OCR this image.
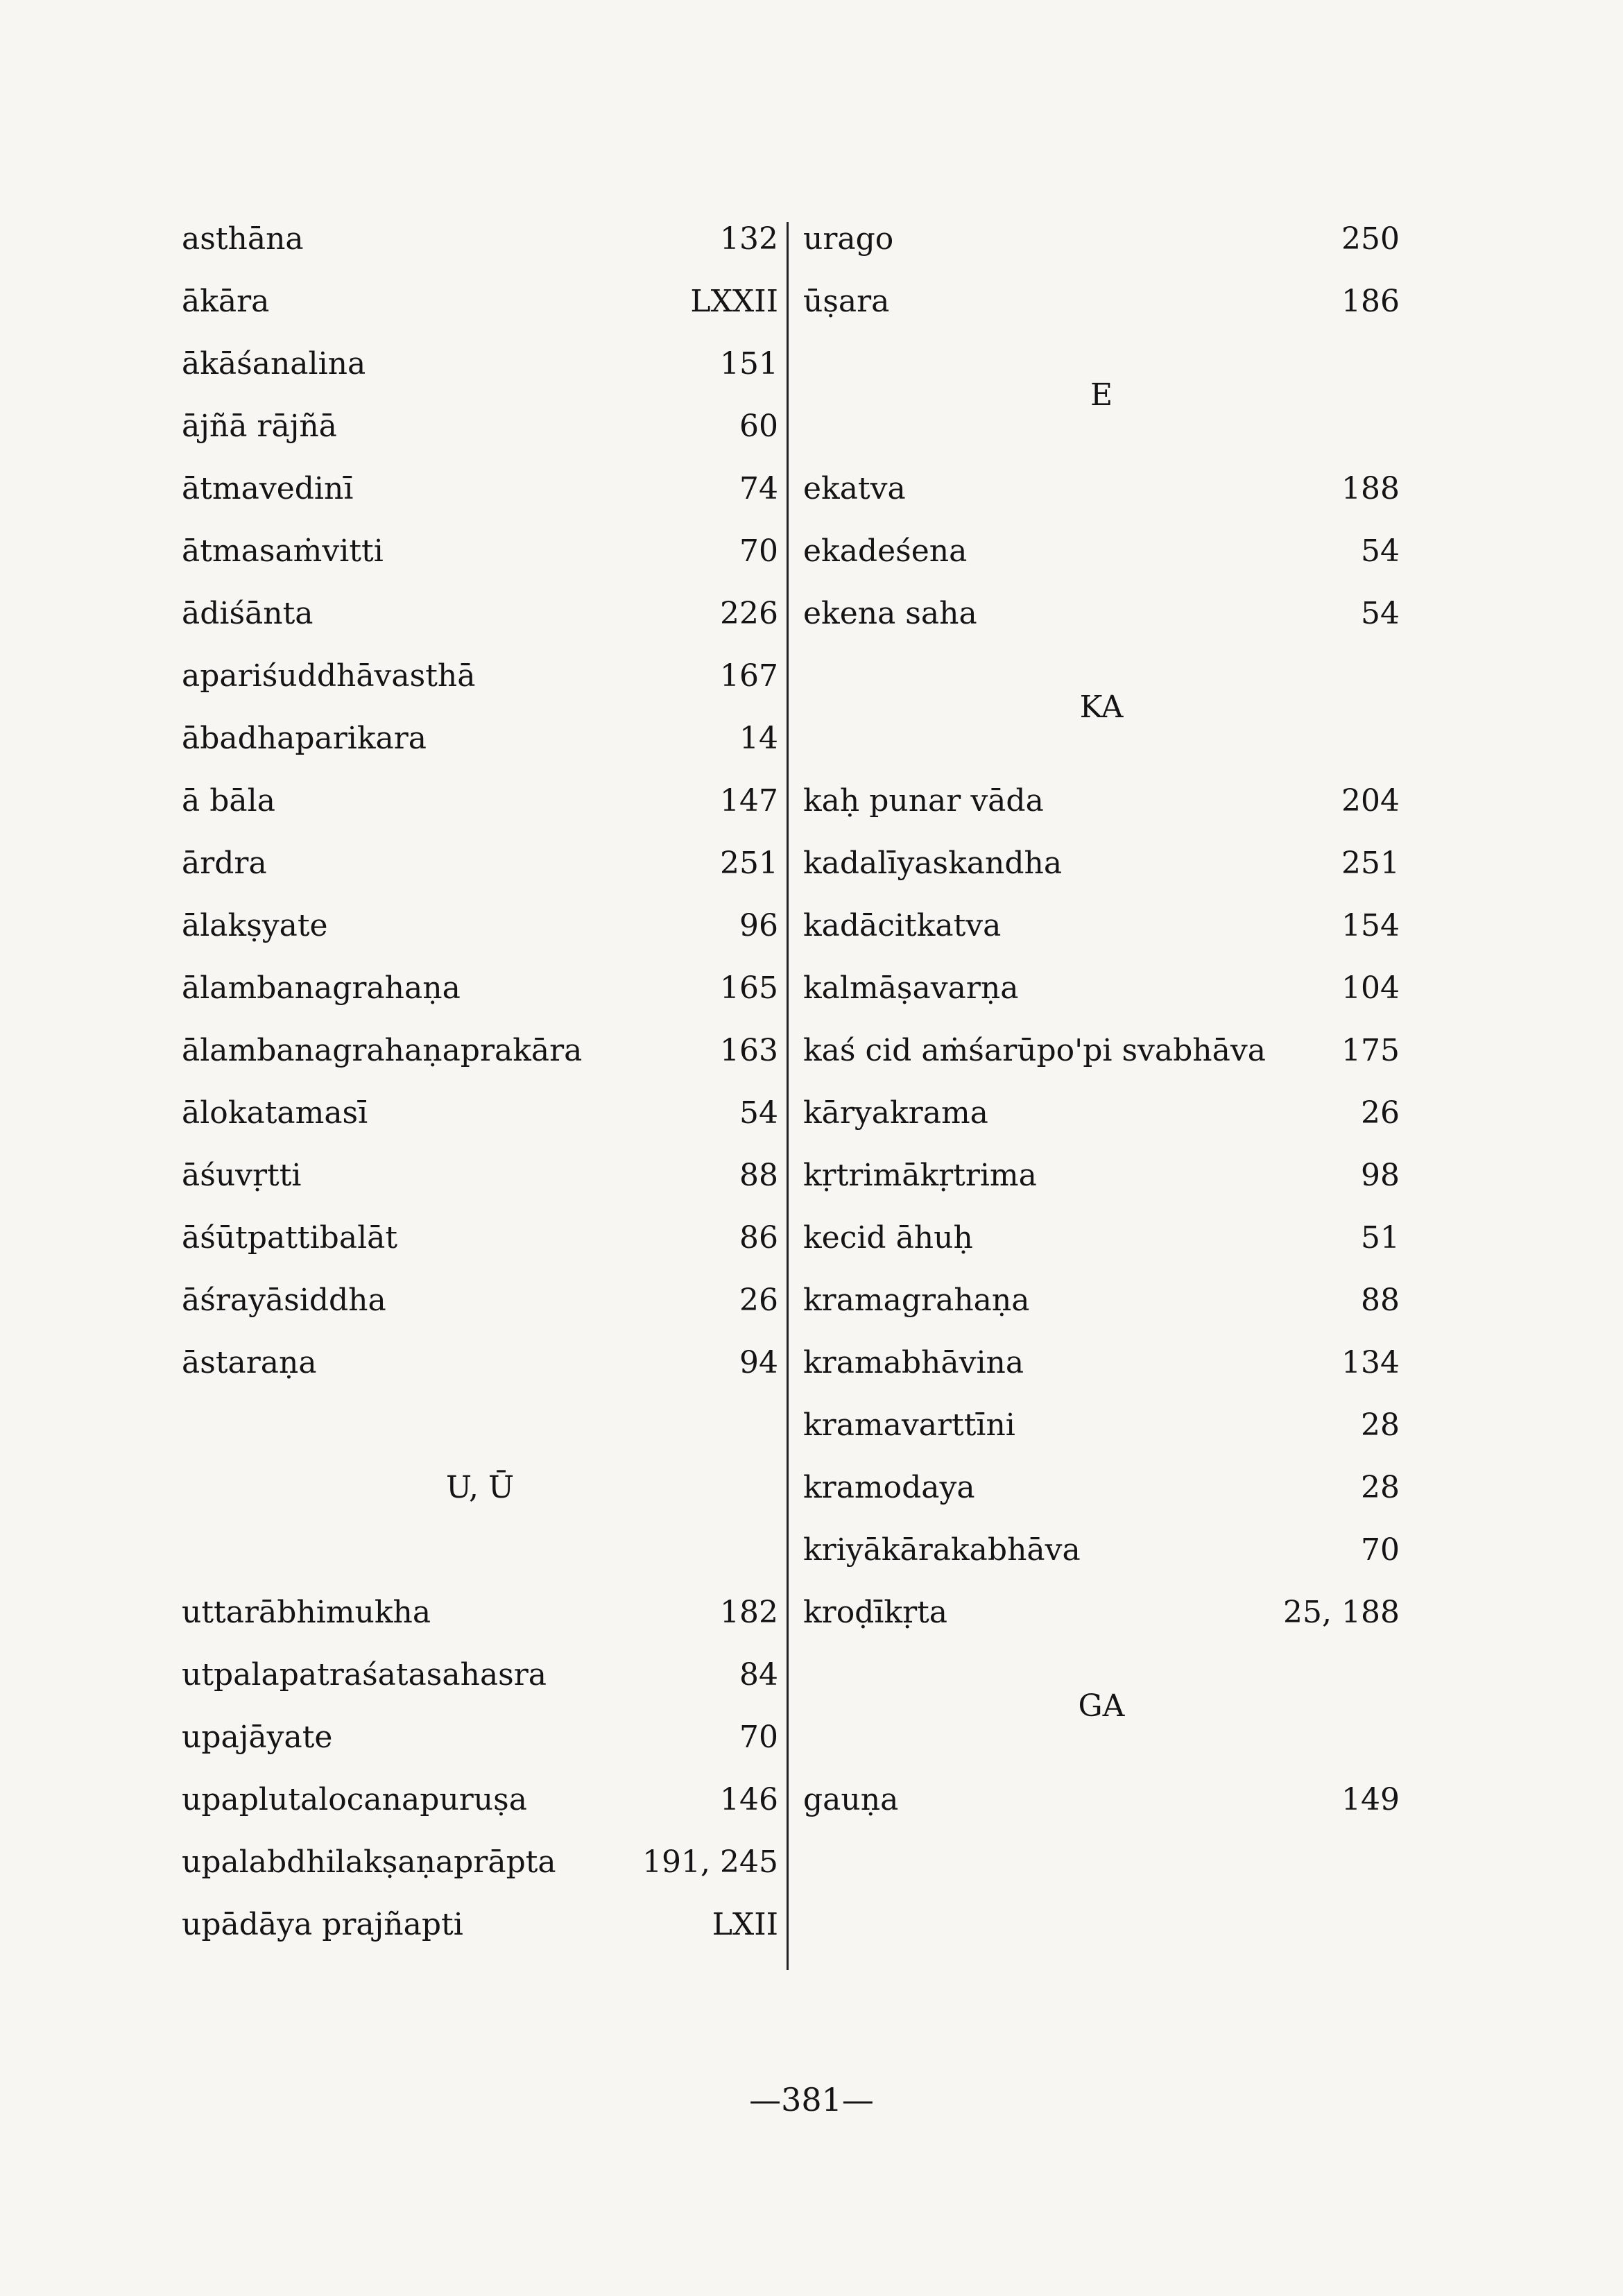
asthāna	132
ākāra	LXXII
ākāśanalina	151
ājñā rājñā	60
ātmavedinī	74
ātmasaṁvitti	70
ādiśānta	226
apariśuddhāvasthā	167
ābadhaparikara	14
ā bāla	147
ārdra	251
ālakṣyate	96
ālambanagrahaṇa	165
ālambanagrahaṇaprakāra	163
ālokatamasī	54
āśuvṛtti	88
āśūtpattibalāt	86
āśrayāsiddha	26
āstaraṇa	94
U, Ū
uttarābhimukha	182
utpalapatraśatasahasra	84
upajāyate	70
upaplutalocanapuruṣa	146
upalabdhilakṣaṇaprāpta	191, 245
upādāya prajñapti	LXII
urago	250
ūṣara	186
E
ekatva	188
ekadeśena	54
ekena saha	54
KA
kaḥ punar vāda	204
kadalīyaskandha	251
kadācitkatva	154
kalmāṣavarṇa	104
kaś cid aṁśarūpo'pi svabhāva 175
kāryakrama	26
kṛtrimākṛtrima	98
kecid āhuḥ	51
kramagrahaṇa	88
kramabhāvina	134
kramavarttīni	28
kramodaya	28
kriyākārakabhāva	70
kroḍīkṛta	25, 188
GA
gauṇa	149
—381—
